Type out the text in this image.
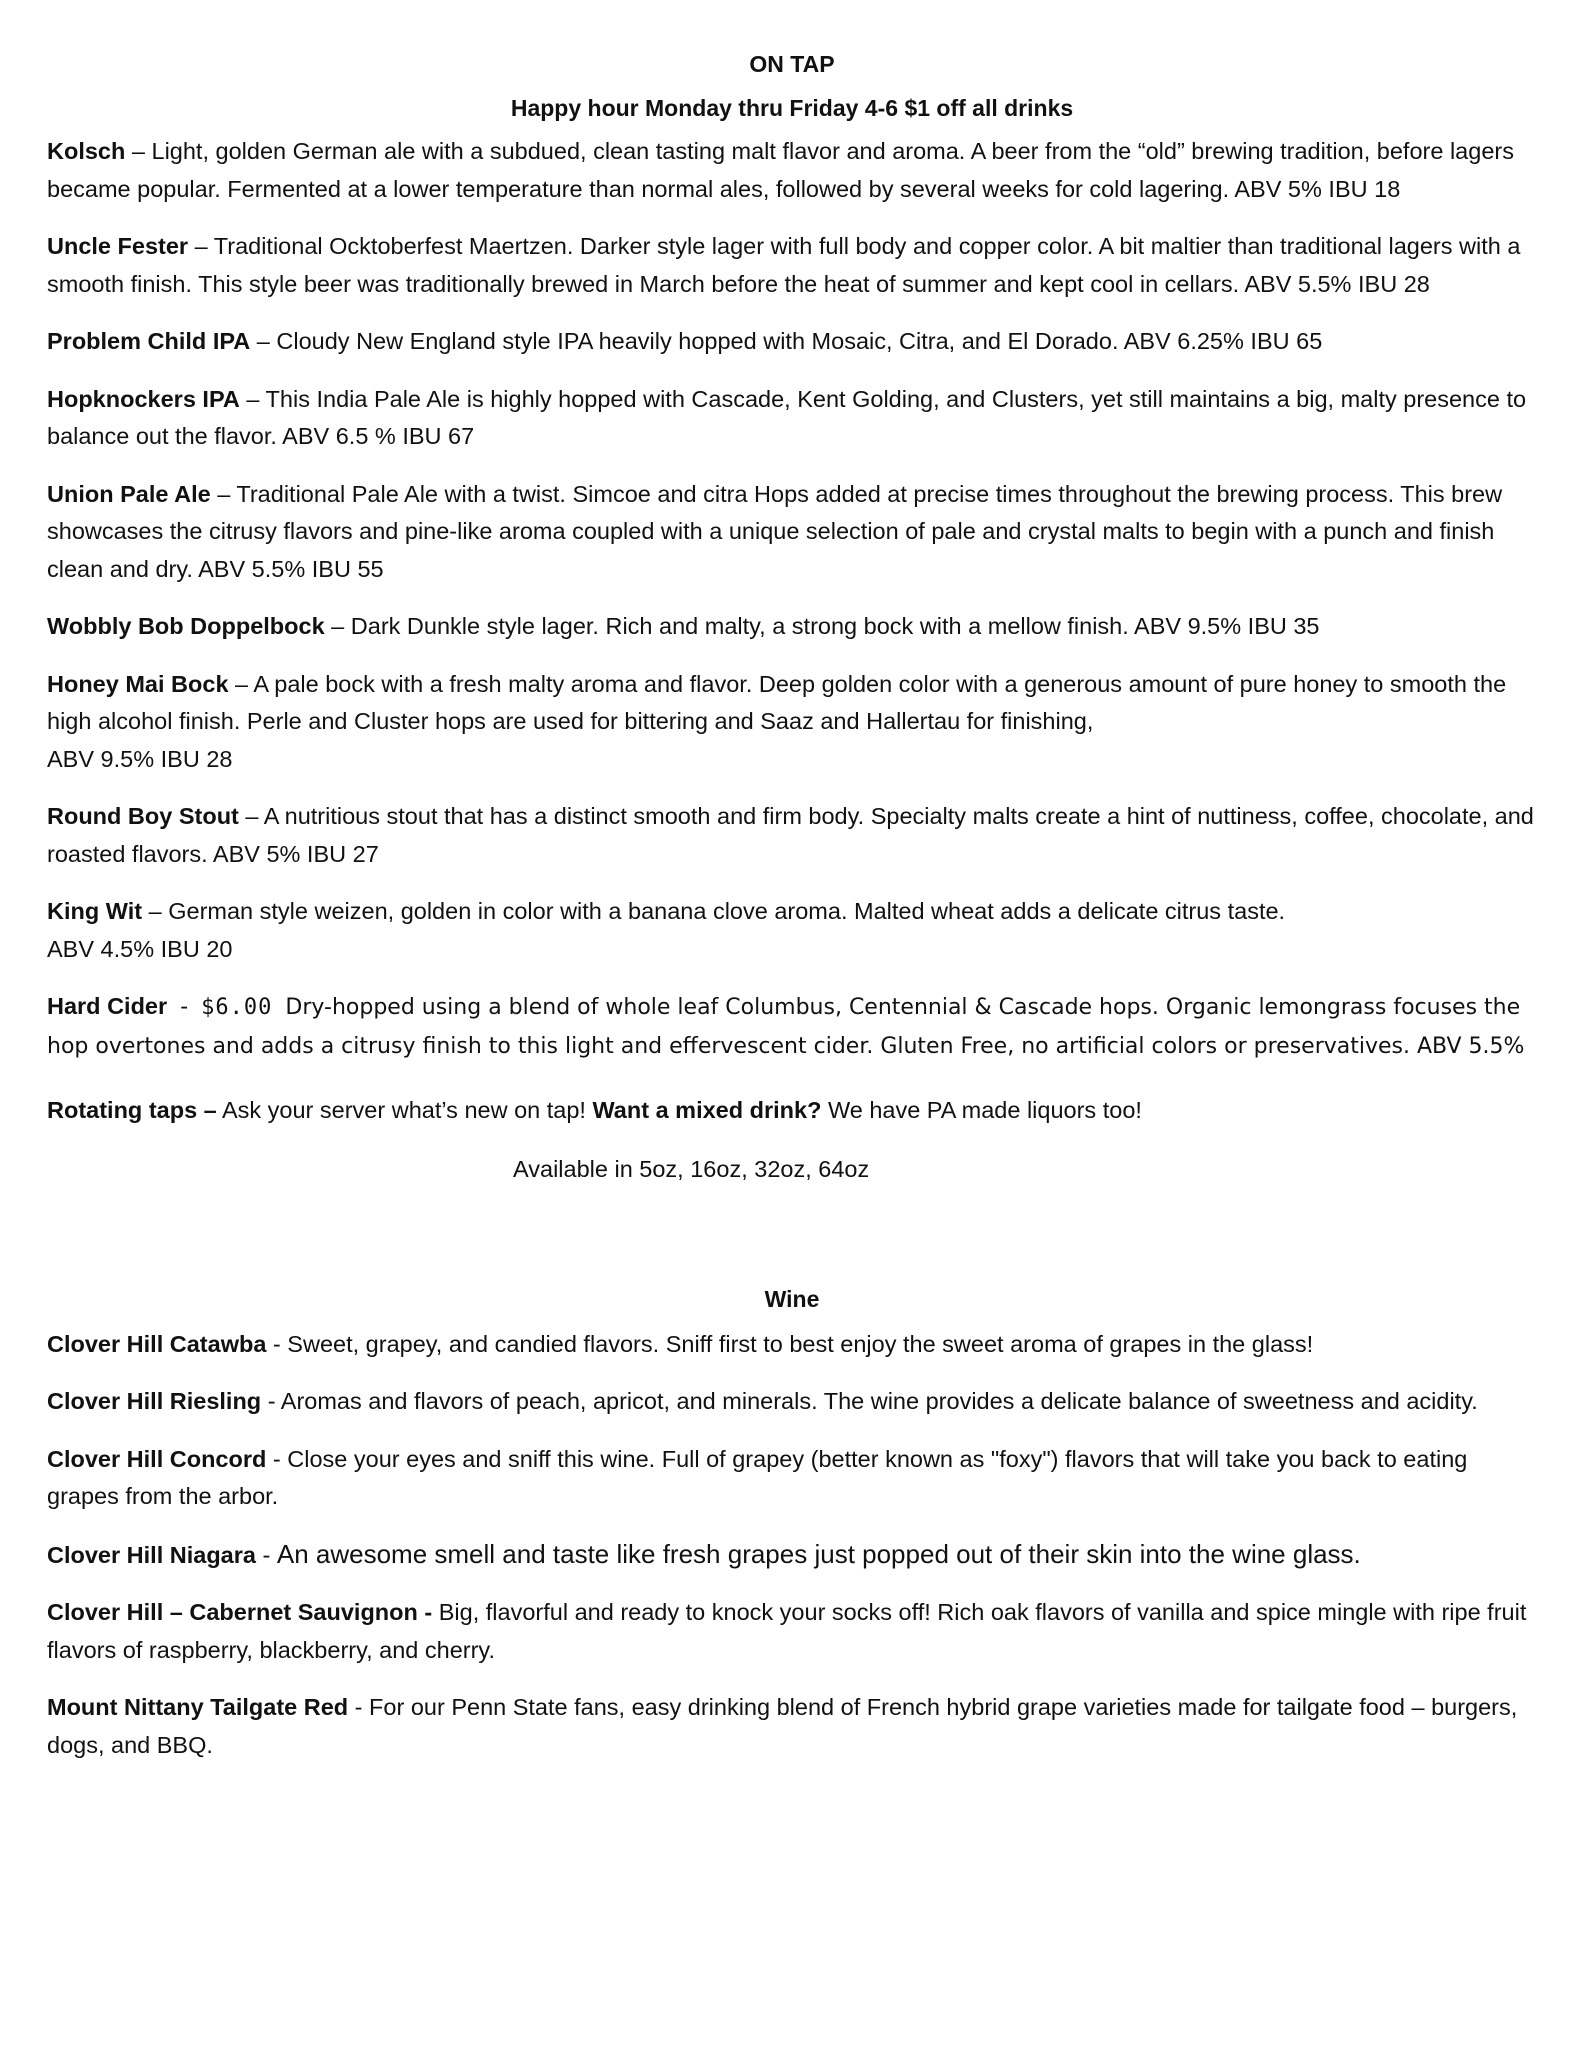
ON TAP
Happy hour Monday thru Friday 4-6 $1 off all drinks
Kolsch – Light, golden German ale with a subdued, clean tasting malt flavor and aroma. A beer from the “old” brewing tradition, before lagers became popular. Fermented at a lower temperature than normal ales, followed by several weeks for cold lagering. ABV 5% IBU 18
Uncle Fester – Traditional Ocktoberfest Maertzen. Darker style lager with full body and copper color. A bit maltier than traditional lagers with a smooth finish. This style beer was traditionally brewed in March before the heat of summer and kept cool in cellars. ABV 5.5% IBU 28
Problem Child IPA – Cloudy New England style IPA heavily hopped with Mosaic, Citra, and El Dorado. ABV 6.25% IBU 65
Hopknockers IPA – This India Pale Ale is highly hopped with Cascade, Kent Golding, and Clusters, yet still maintains a big, malty presence to balance out the flavor. ABV 6.5 % IBU 67
Union Pale Ale – Traditional Pale Ale with a twist. Simcoe and citra Hops added at precise times throughout the brewing process. This brew showcases the citrusy flavors and pine-like aroma coupled with a unique selection of pale and crystal malts to begin with a punch and finish clean and dry. ABV 5.5% IBU 55
Wobbly Bob Doppelbock – Dark Dunkle style lager. Rich and malty, a strong bock with a mellow finish. ABV 9.5% IBU 35
Honey Mai Bock – A pale bock with a fresh malty aroma and flavor. Deep golden color with a generous amount of pure honey to smooth the high alcohol finish. Perle and Cluster hops are used for bittering and Saaz and Hallertau for finishing,
ABV 9.5% IBU 28
Round Boy Stout – A nutritious stout that has a distinct smooth and firm body. Specialty malts create a hint of nuttiness, coffee, chocolate, and roasted flavors. ABV 5% IBU 27
King Wit – German style weizen, golden in color with a banana clove aroma. Malted wheat adds a delicate citrus taste.
ABV 4.5% IBU 20
Hard Cider  -  $6.00 Dry-hopped using a blend of whole leaf Columbus, Centennial & Cascade hops. Organic lemongrass focuses the hop overtones and adds a citrusy finish to this light and effervescent cider. Gluten Free, no artificial colors or preservatives. ABV 5.5%
Rotating taps – Ask your server what’s new on tap! Want a mixed drink? We have PA made liquors too!
Available in 5oz, 16oz, 32oz, 64oz
Wine
Clover Hill Catawba - Sweet, grapey, and candied flavors. Sniff first to best enjoy the sweet aroma of grapes in the glass!
Clover Hill Riesling - Aromas and flavors of peach, apricot, and minerals. The wine provides a delicate balance of sweetness and acidity.
Clover Hill Concord - Close your eyes and sniff this wine. Full of grapey (better known as "foxy") flavors that will take you back to eating grapes from the arbor.
Clover Hill Niagara - An awesome smell and taste like fresh grapes just popped out of their skin into the wine glass.
Clover Hill – Cabernet Sauvignon - Big, flavorful and ready to knock your socks off! Rich oak flavors of vanilla and spice mingle with ripe fruit flavors of raspberry, blackberry, and cherry.
Mount Nittany Tailgate Red - For our Penn State fans, easy drinking blend of French hybrid grape varieties made for tailgate food – burgers, dogs, and BBQ.
